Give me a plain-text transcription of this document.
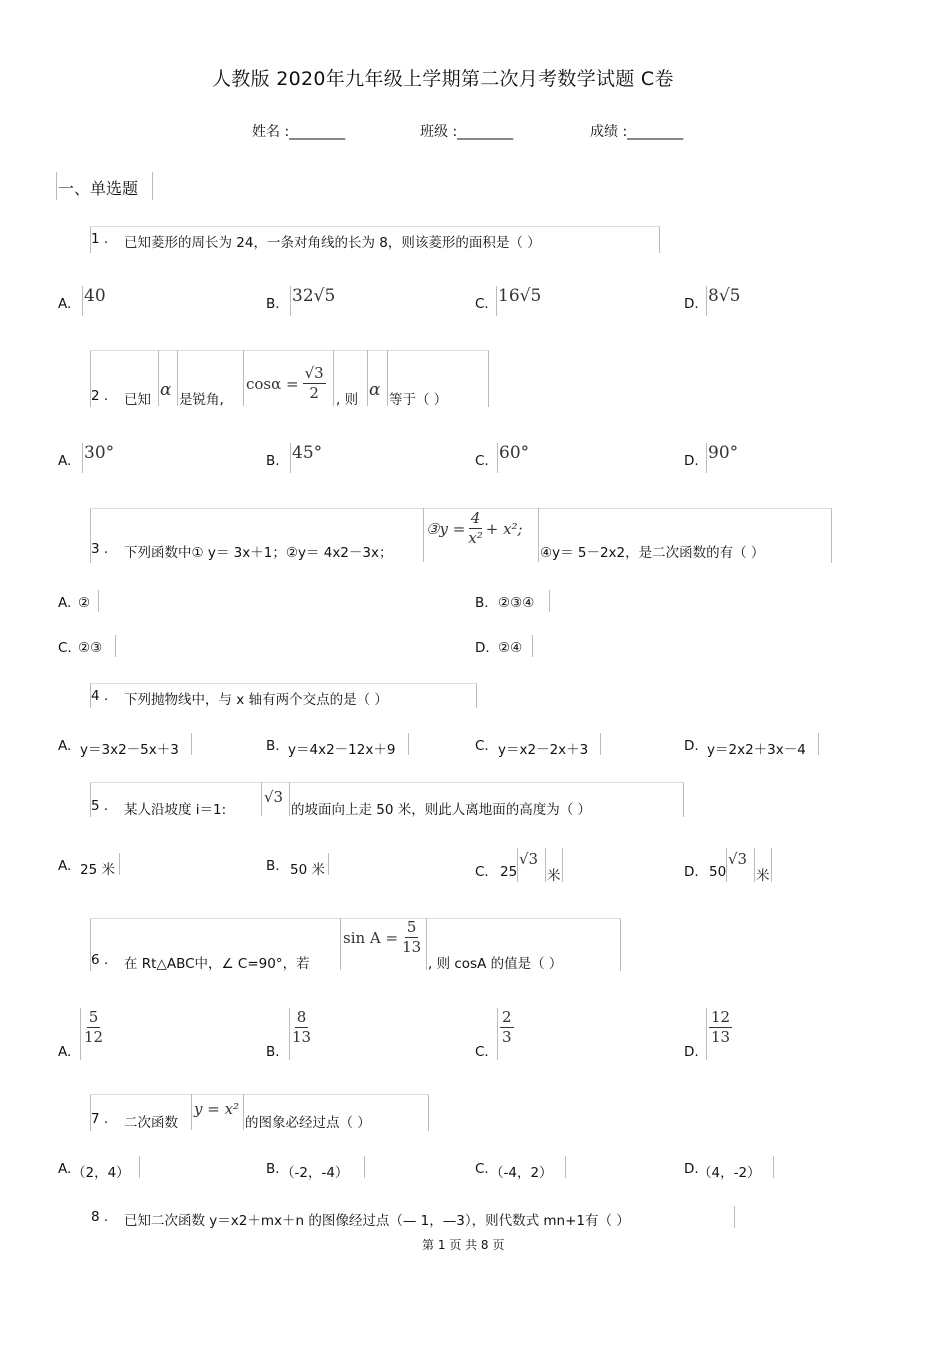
人教版 2020年九年级上学期第二次月考数学试题 C卷
姓名 :________	班级 :________	成绩 :________
一、单选题
1 . 已知菱形的周长为 24，一条对角线的长为 8，则该菱形的面积是（ ）
A. 40	B. 32√5	C. 16√5	D. 8√5
2 . 已知 α 是锐角,
$\cos\alpha = \frac{√3}{2}$ , 则 α 等于（ ）
A. 30°	B. 45°	C. 60°	D. 90°
3 . 下列函数中① y＝ 3x＋1；②y＝ 4x2－3x；
③y = $\frac{4}{\text{x²}} + x^2$;
④y＝ 5－2x2，是二次函数的有（ ）
A. ②	B. ②③④
C. ②③	D. ②④
4 . 下列抛物线中，与 x 轴有两个交点的是（ ）
A. y＝3x2－5x＋3	B. y＝4x2－12x＋9	C. y＝x2－2x＋3	D. y＝2x2＋3x－4
5 . 某人沿坡度 i＝1:
√3
的坡面向上走 50 米，则此人离地面的高度为（ ）
A. 25 米	B. 50 米	C. 25
√3
米	D. 50
√3
米
6 . 在 Rt△ABC中，∠ C=90°，若
$\sin A = \frac{5}{13}$
, 则 cosA 的值是（ ）
A.
$\frac{5}{12}$
B.
$\frac{8}{13}$
C.
$\frac{2}{3}$
D.
$\frac{12}{13}$
7 . 二次函数
y = x²
的图象必经过点（ ）
A. （2，4）	B. （-2，-4）	C. （-4，2）	D. （4，-2）
8 . 已知二次函数 y＝x2＋mx＋n 的图像经过点（— 1，—3），则代数式 mn+1有（ ）
第 1 页 共 8 页
